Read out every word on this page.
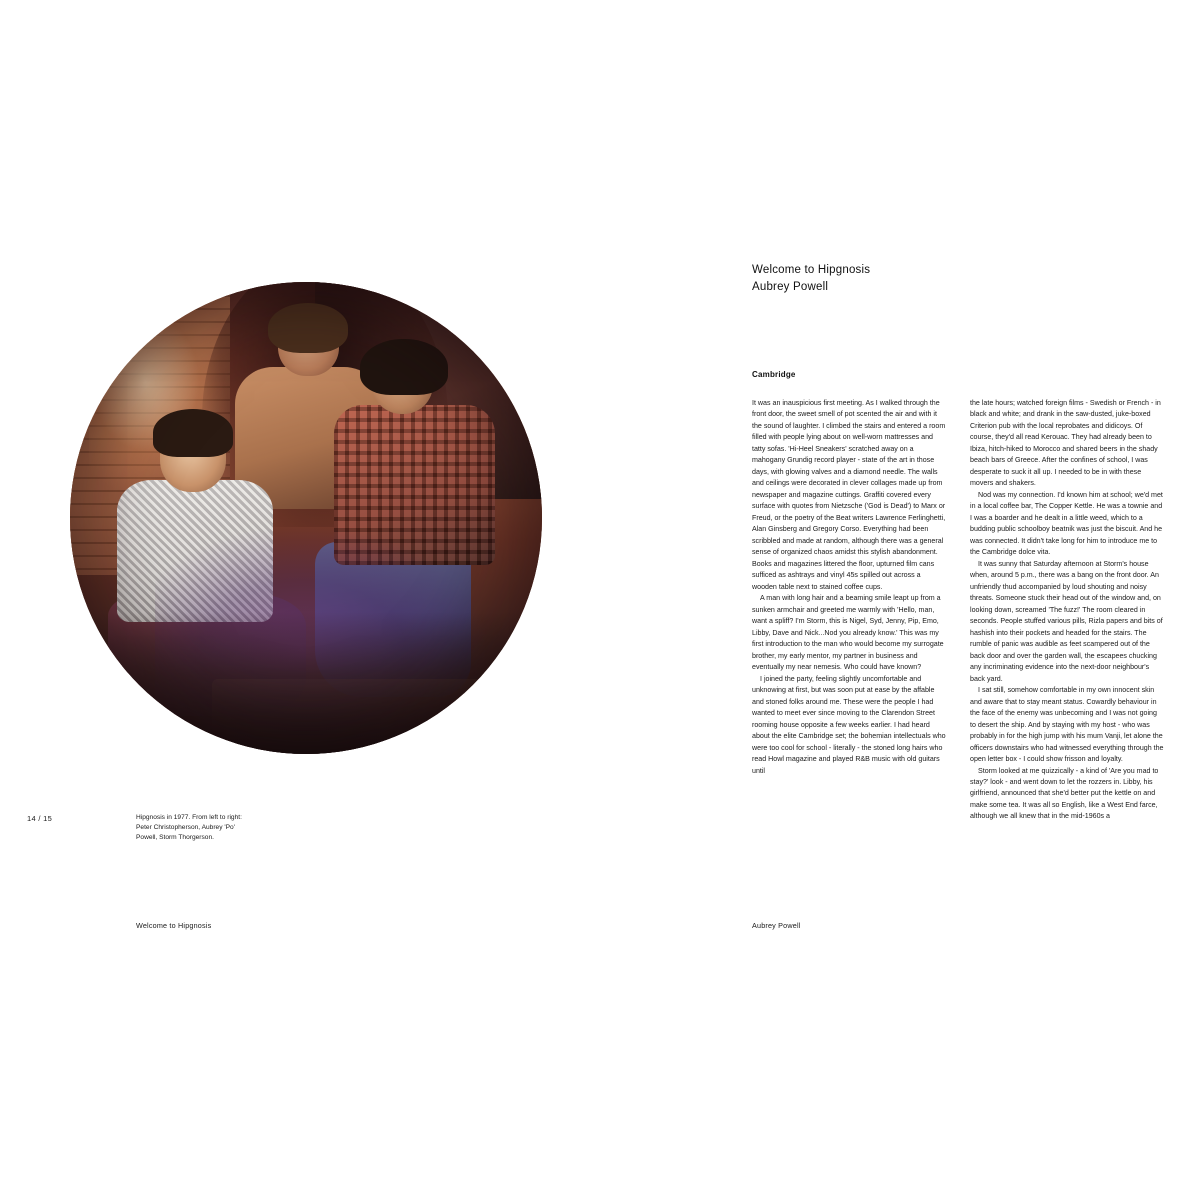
14 / 15	Hipgnosis in 1977. From left to right: Peter Christopherson, Aubrey 'Po' Powell, Storm Thorgerson.
Welcome to Hipgnosis
Welcome to Hipgnosis
Aubrey Powell
Cambridge

It was an inauspicious first meeting. As I walked through the front door, the sweet smell of pot scented the air and with it the sound of laughter. I climbed the stairs and entered a room filled with people lying about on well-worn mattresses and tatty sofas. 'Hi-Heel Sneakers' scratched away on a mahogany Grundig record player - state of the art in those days, with glowing valves and a diamond needle. The walls and ceilings were decorated in clever collages made up from newspaper and magazine cuttings. Graffiti covered every surface with quotes from Nietzsche ('God is Dead') to Marx or Freud, or the poetry of the Beat writers Lawrence Ferlinghetti, Alan Ginsberg and Gregory Corso. Everything had been scribbled and made at random, although there was a general sense of organized chaos amidst this stylish abandonment. Books and magazines littered the floor, upturned film cans sufficed as ashtrays and vinyl 45s spilled out across a wooden table next to stained coffee cups.

A man with long hair and a beaming smile leapt up from a sunken armchair and greeted me warmly with 'Hello, man, want a spliff? I'm Storm, this is Nigel, Syd, Jenny, Pip, Emo, Libby, Dave and Nick...Nod you already know.' This was my first introduction to the man who would become my surrogate brother, my early mentor, my partner in business and eventually my near nemesis. Who could have known?

I joined the party, feeling slightly uncomfortable and unknowing at first, but was soon put at ease by the affable and stoned folks around me. These were the people I had wanted to meet ever since moving to the Clarendon Street rooming house opposite a few weeks earlier. I had heard about the elite Cambridge set; the bohemian intellectuals who were too cool for school - literally - the stoned long hairs who read Howl magazine and played R&B music with old guitars until

the late hours; watched foreign films - Swedish or French - in black and white; and drank in the saw-dusted, juke-boxed Criterion pub with the local reprobates and didicoys. Of course, they'd all read Kerouac. They had already been to Ibiza, hitch-hiked to Morocco and shared beers in the shady beach bars of Greece. After the confines of school, I was desperate to suck it all up. I needed to be in with these movers and shakers.

Nod was my connection. I'd known him at school; we'd met in a local coffee bar, The Copper Kettle. He was a townie and I was a boarder and he dealt in a little weed, which to a budding public schoolboy beatnik was just the biscuit. And he was connected. It didn't take long for him to introduce me to the Cambridge dolce vita.

It was sunny that Saturday afternoon at Storm's house when, around 5 p.m., there was a bang on the front door. An unfriendly thud accompanied by loud shouting and noisy threats. Someone stuck their head out of the window and, on looking down, screamed 'The fuzz!' The room cleared in seconds. People stuffed various pills, Rizla papers and bits of hashish into their pockets and headed for the stairs. The rumble of panic was audible as feet scampered out of the back door and over the garden wall, the escapees chucking any incriminating evidence into the next-door neighbour's back yard.

I sat still, somehow comfortable in my own innocent skin and aware that to stay meant status. Cowardly behaviour in the face of the enemy was unbecoming and I was not going to desert the ship. And by staying with my host - who was probably in for the high jump with his mum Vanji, let alone the officers downstairs who had witnessed everything through the open letter box - I could show frisson and loyalty.

Storm looked at me quizzically - a kind of 'Are you mad to stay?' look - and went down to let the rozzers in. Libby, his girlfriend, announced that she'd better put the kettle on and make some tea. It was all so English, like a West End farce, although we all knew that in the mid-1960s a

Aubrey Powell
